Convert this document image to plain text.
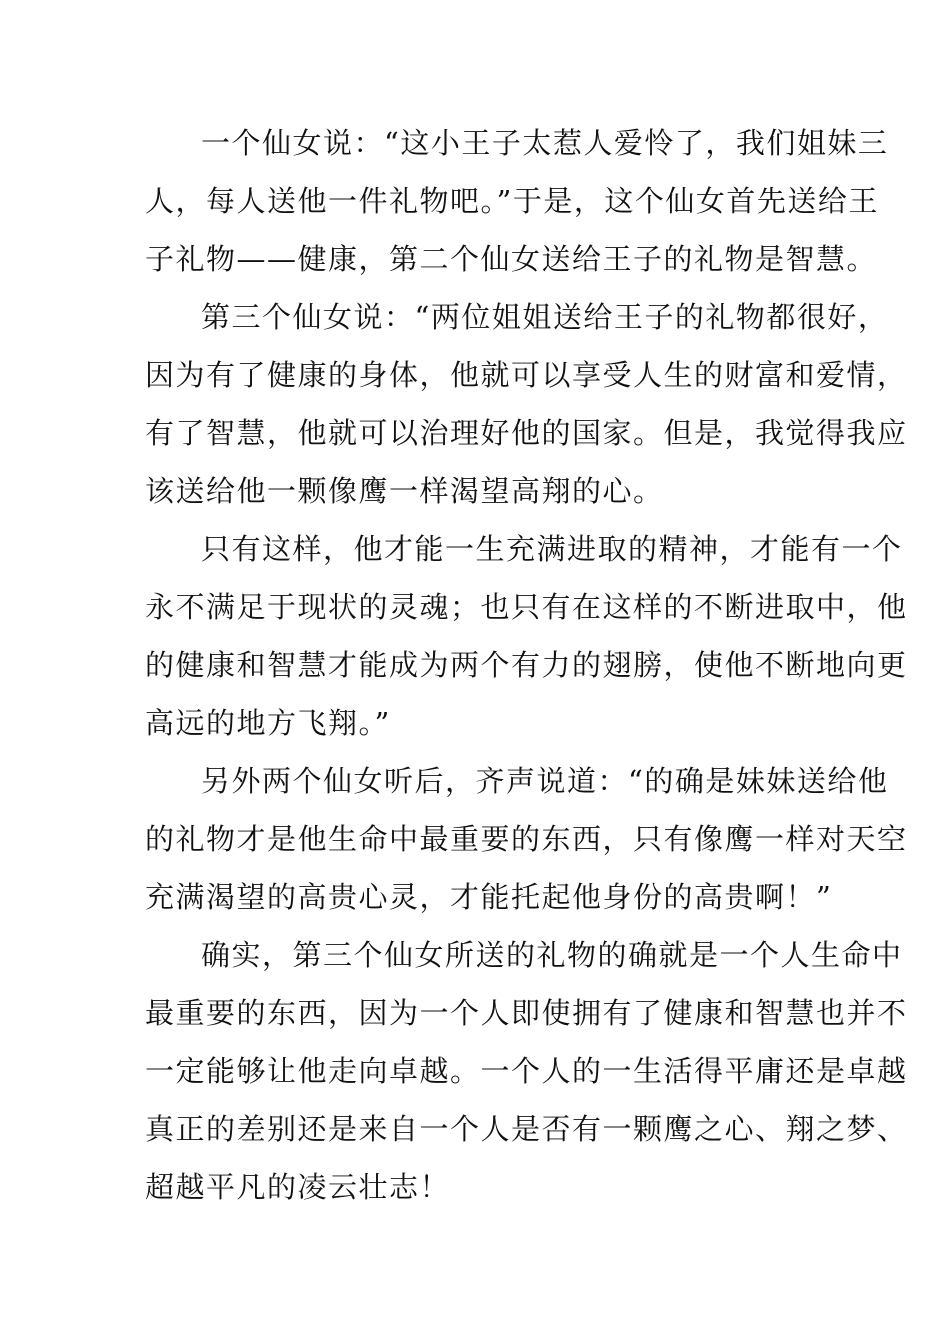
一个仙女说：“这小王子太惹人爱怜了，我们姐妹三
人，每人送他一件礼物吧。”于是，这个仙女首先送给王
子礼物——健康，第二个仙女送给王子的礼物是智慧。
第三个仙女说：“两位姐姐送给王子的礼物都很好，
因为有了健康的身体，他就可以享受人生的财富和爱情，
有了智慧，他就可以治理好他的国家。但是，我觉得我应
该送给他一颗像鹰一样渴望高翔的心。
只有这样，他才能一生充满进取的精神，才能有一个
永不满足于现状的灵魂；也只有在这样的不断进取中，他
的健康和智慧才能成为两个有力的翅膀，使他不断地向更
高远的地方飞翔。”
另外两个仙女听后，齐声说道：“的确是妹妹送给他
的礼物才是他生命中最重要的东西，只有像鹰一样对天空
充满渴望的高贵心灵，才能托起他身份的高贵啊！”
确实，第三个仙女所送的礼物的确就是一个人生命中
最重要的东西，因为一个人即使拥有了健康和智慧也并不
一定能够让他走向卓越。一个人的一生活得平庸还是卓越
真正的差别还是来自一个人是否有一颗鹰之心、翔之梦、
超越平凡的凌云壮志！
